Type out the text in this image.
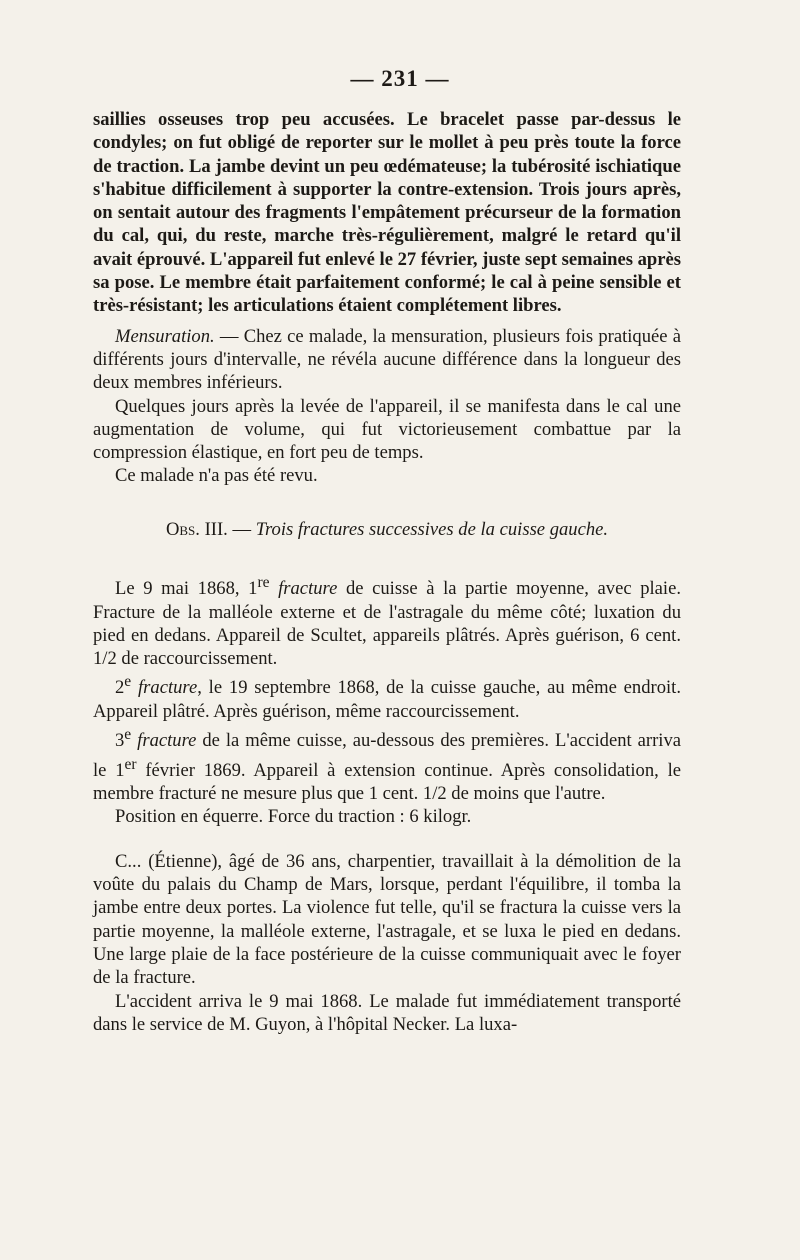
— 231 —

saillies osseuses trop peu accusées. Le bracelet passe par-dessus le condyles; on fut obligé de reporter sur le mollet à peu près toute la force de traction. La jambe devint un peu œdémateuse; la tubérosité ischiatique s'habitue difficilement à supporter la contre-extension. Trois jours après, on sentait autour des fragments l'empâtement précurseur de la formation du cal, qui, du reste, marche très-régulièrement, malgré le retard qu'il avait éprouvé. L'appareil fut enlevé le 27 février, juste sept semaines après sa pose. Le membre était parfaitement conformé; le cal à peine sensible et très-résistant; les articulations étaient complétement libres.

Mensuration. — Chez ce malade, la mensuration, plusieurs fois pratiquée à différents jours d'intervalle, ne révéla aucune différence dans la longueur des deux membres inférieurs.

Quelques jours après la levée de l'appareil, il se manifesta dans le cal une augmentation de volume, qui fut victorieusement combattue par la compression élastique, en fort peu de temps.

Ce malade n'a pas été revu.

Obs. III. — Trois fractures successives de la cuisse gauche.

Le 9 mai 1868, 1re fracture de cuisse à la partie moyenne, avec plaie. Fracture de la malléole externe et de l'astragale du même côté; luxation du pied en dedans. Appareil de Scultet, appareils plâtrés. Après guérison, 6 cent. 1/2 de raccourcissement.

2e fracture, le 19 septembre 1868, de la cuisse gauche, au même endroit. Appareil plâtré. Après guérison, même raccourcissement.

3e fracture de la même cuisse, au-dessous des premières. L'accident arriva le 1er février 1869. Appareil à extension continue. Après consolidation, le membre fracturé ne mesure plus que 1 cent. 1/2 de moins que l'autre.

Position en équerre. Force du traction : 6 kilogr.

C... (Étienne), âgé de 36 ans, charpentier, travaillait à la démolition de la voûte du palais du Champ de Mars, lorsque, perdant l'équilibre, il tomba la jambe entre deux portes. La violence fut telle, qu'il se fractura la cuisse vers la partie moyenne, la malléole externe, l'astragale, et se luxa le pied en dedans. Une large plaie de la face postérieure de la cuisse communiquait avec le foyer de la fracture.

L'accident arriva le 9 mai 1868. Le malade fut immédiatement transporté dans le service de M. Guyon, à l'hôpital Necker. La luxa-
